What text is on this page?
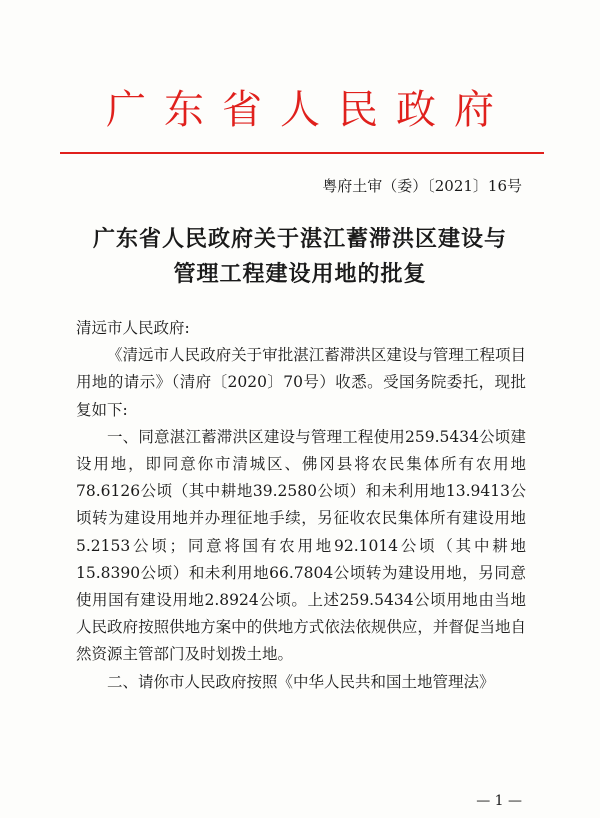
广东省人民政府
粤府土审（委）〔2021〕16号
广东省人民政府关于湛江蓄滞洪区建设与
管理工程建设用地的批复

清远市人民政府:

《清远市人民政府关于审批湛江蓄滞洪区建设与管理工程项目用地的请示》（清府〔2020〕70号）收悉。受国务院委托，现批复如下:

一、同意湛江蓄滞洪区建设与管理工程使用259.5434公顷建设用地，即同意你市清城区、佛冈县将农民集体所有农用地78.6126公顷（其中耕地39.2580公顷）和未利用地13.9413公顷转为建设用地并办理征地手续，另征收农民集体所有建设用地5.2153公顷；同意将国有农用地92.1014公顷（其中耕地15.8390公顷）和未利用地66.7804公顷转为建设用地，另同意使用国有建设用地2.8924公顷。上述259.5434公顷用地由当地人民政府按照供地方案中的供地方式依法依规供应，并督促当地自然资源主管部门及时划拨土地。

二、请你市人民政府按照《中华人民共和国土地管理法》

— 1 —
